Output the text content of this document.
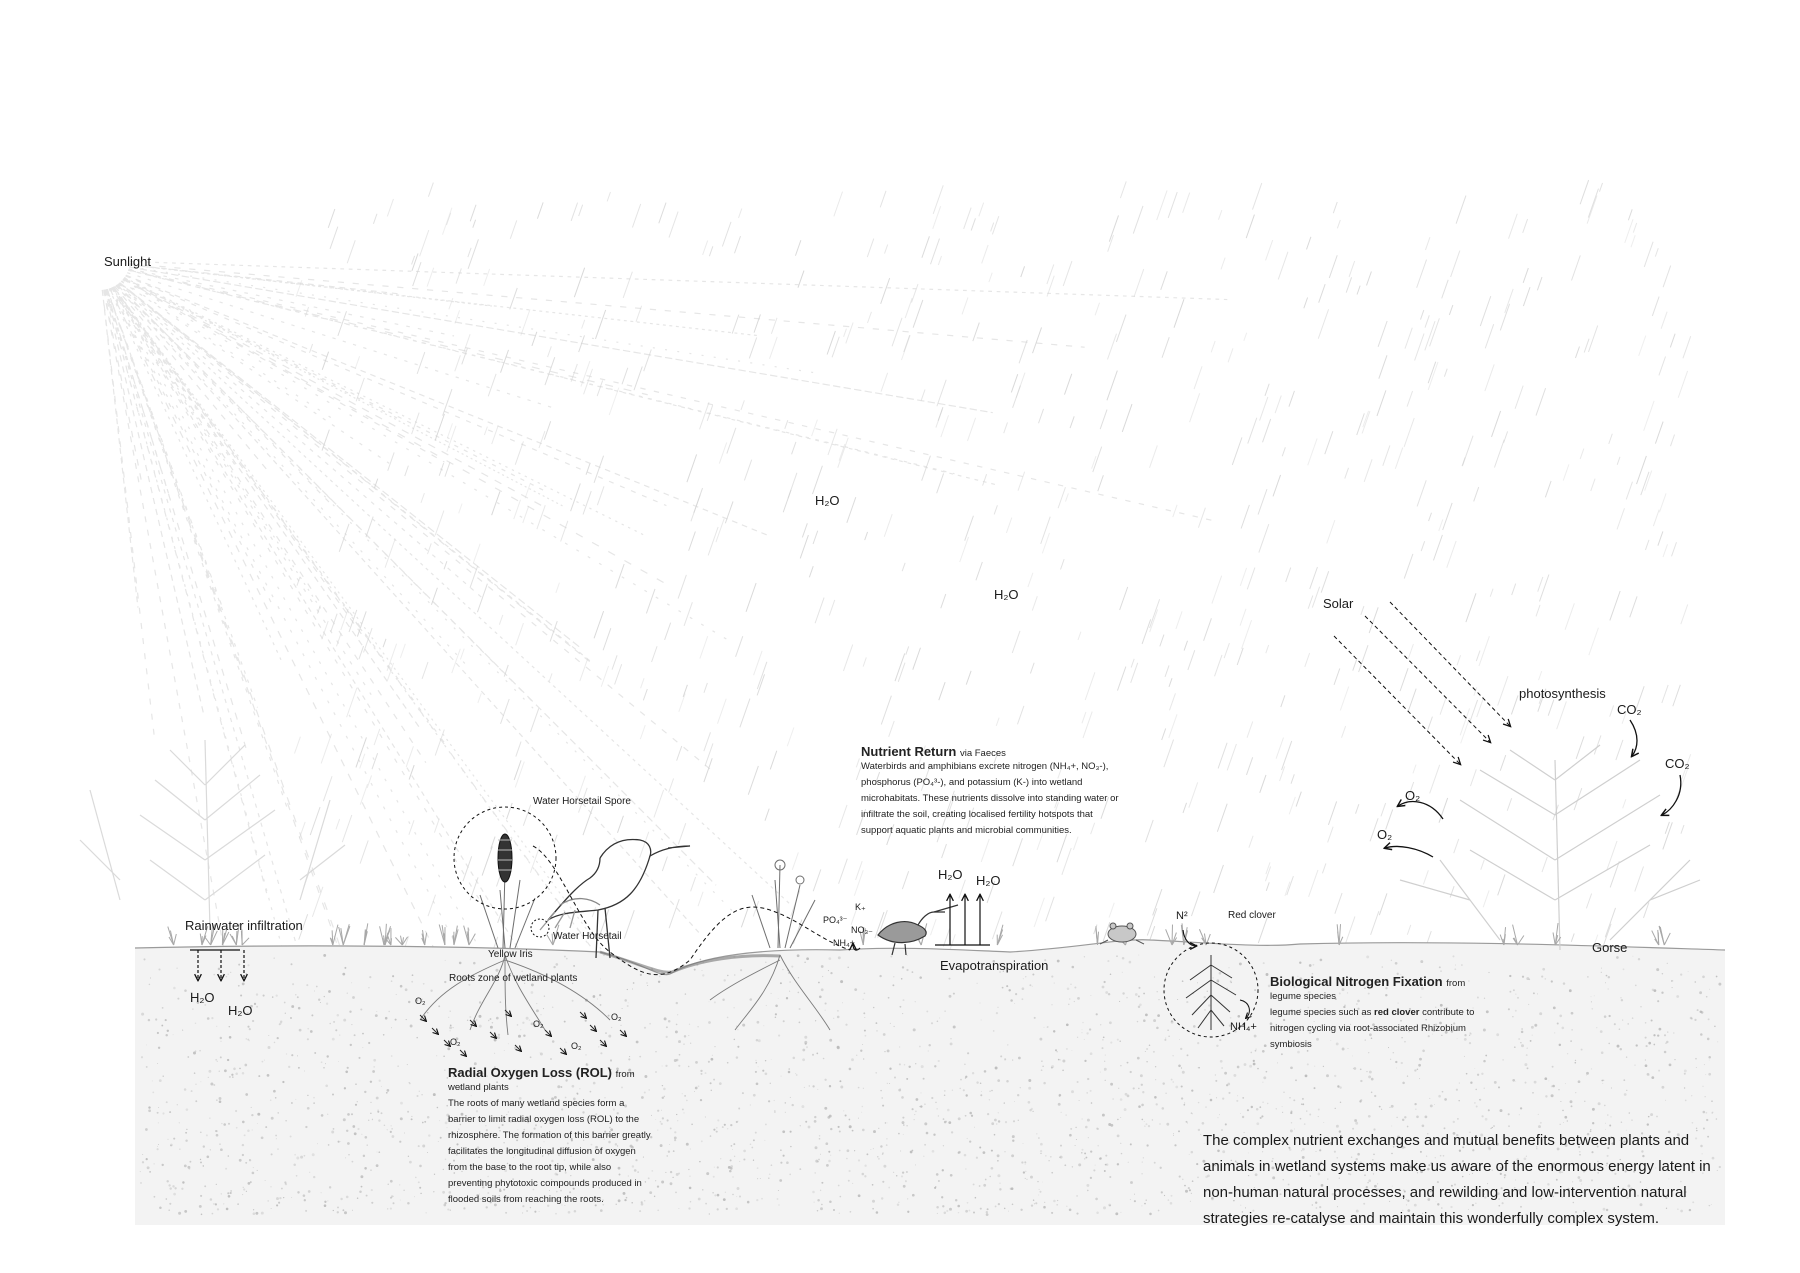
Sunlight
H₂O
H₂O
Solar
photosynthesis
CO₂
CO₂
O₂
O₂
Gorse
Rainwater infiltration
H₂O
H₂O
Water Horsetail Spore
Water Horsetail
Yellow Iris
Roots zone of wetland plants
O₂
O₂
O₂
O₂
O₂
K₊
PO₄³⁻
NO₃₋
NH₄+
H₂O H₂O
Evapotranspiration
N²	Red clover
NH₄+
Nutrient Return via Faeces
Waterbirds and amphibians excrete nitrogen (NH₄+, NO₃-), phosphorus (PO₄³-), and potassium (K-) into wetland microhabitats. These nutrients dissolve into standing water or infiltrate the soil, creating localised fertility hotspots that support aquatic plants and microbial communities.
Radial Oxygen Loss (ROL) from
wetland plants
The roots of many wetland species form a barrier to limit radial oxygen loss (ROL) to the rhizosphere. The formation of this barrier greatly facilitates the longitudinal diffusion of oxygen from the base to the root tip, while also preventing phytotoxic compounds produced in flooded soils from reaching the roots.
Biological Nitrogen Fixation from
legume species
legume species such as red clover contribute to nitrogen cycling via root-associated Rhizobium symbiosis
The complex nutrient exchanges and mutual benefits between plants and animals in wetland systems make us aware of the enormous energy latent in non-human natural processes, and rewilding and low-intervention natural strategies re-catalyse and maintain this wonderfully complex system.
